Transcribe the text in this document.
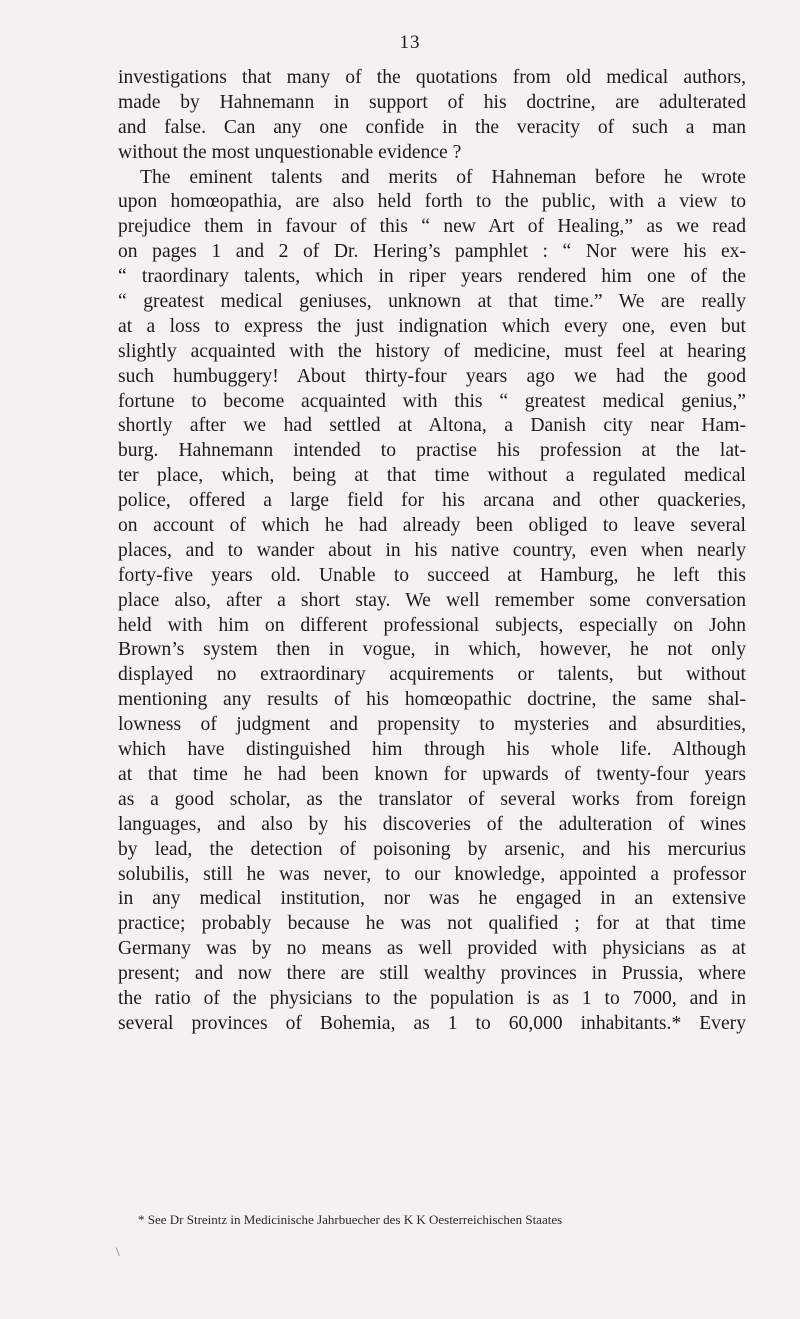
13
investigations that many of the quotations from old medical authors,
made by Hahnemann in support of his doctrine, are adulterated
and false. Can any one confide in the veracity of such a man
without the most unquestionable evidence ?
The eminent talents and merits of Hahneman before he wrote
upon homœopathia, are also held forth to the public, with a view to
prejudice them in favour of this “ new Art of Healing,” as we read
on pages 1 and 2 of Dr. Hering’s pamphlet : “ Nor were his ex-
“ traordinary talents, which in riper years rendered him one of the
“ greatest medical geniuses, unknown at that time.” We are really
at a loss to express the just indignation which every one, even but
slightly acquainted with the history of medicine, must feel at hearing
such humbuggery! About thirty-four years ago we had the good
fortune to become acquainted with this “ greatest medical genius,”
shortly after we had settled at Altona, a Danish city near Ham-
burg. Hahnemann intended to practise his profession at the lat-
ter place, which, being at that time without a regulated medical
police, offered a large field for his arcana and other quackeries,
on account of which he had already been obliged to leave several
places, and to wander about in his native country, even when nearly
forty-five years old. Unable to succeed at Hamburg, he left this
place also, after a short stay. We well remember some conversation
held with him on different professional subjects, especially on John
Brown’s system then in vogue, in which, however, he not only
displayed no extraordinary acquirements or talents, but without
mentioning any results of his homœopathic doctrine, the same shal-
lowness of judgment and propensity to mysteries and absurdities,
which have distinguished him through his whole life. Although
at that time he had been known for upwards of twenty-four years
as a good scholar, as the translator of several works from foreign
languages, and also by his discoveries of the adulteration of wines
by lead, the detection of poisoning by arsenic, and his mercurius
solubilis, still he was never, to our knowledge, appointed a professor
in any medical institution, nor was he engaged in an extensive
practice; probably because he was not qualified ; for at that time
Germany was by no means as well provided with physicians as at
present; and now there are still wealthy provinces in Prussia, where
the ratio of the physicians to the population is as 1 to 7000, and in
several provinces of Bohemia, as 1 to 60,000 inhabitants.* Every
* See Dr Streintz in Medicinische Jahrbuecher des K K Oesterreichischen Staates
\
